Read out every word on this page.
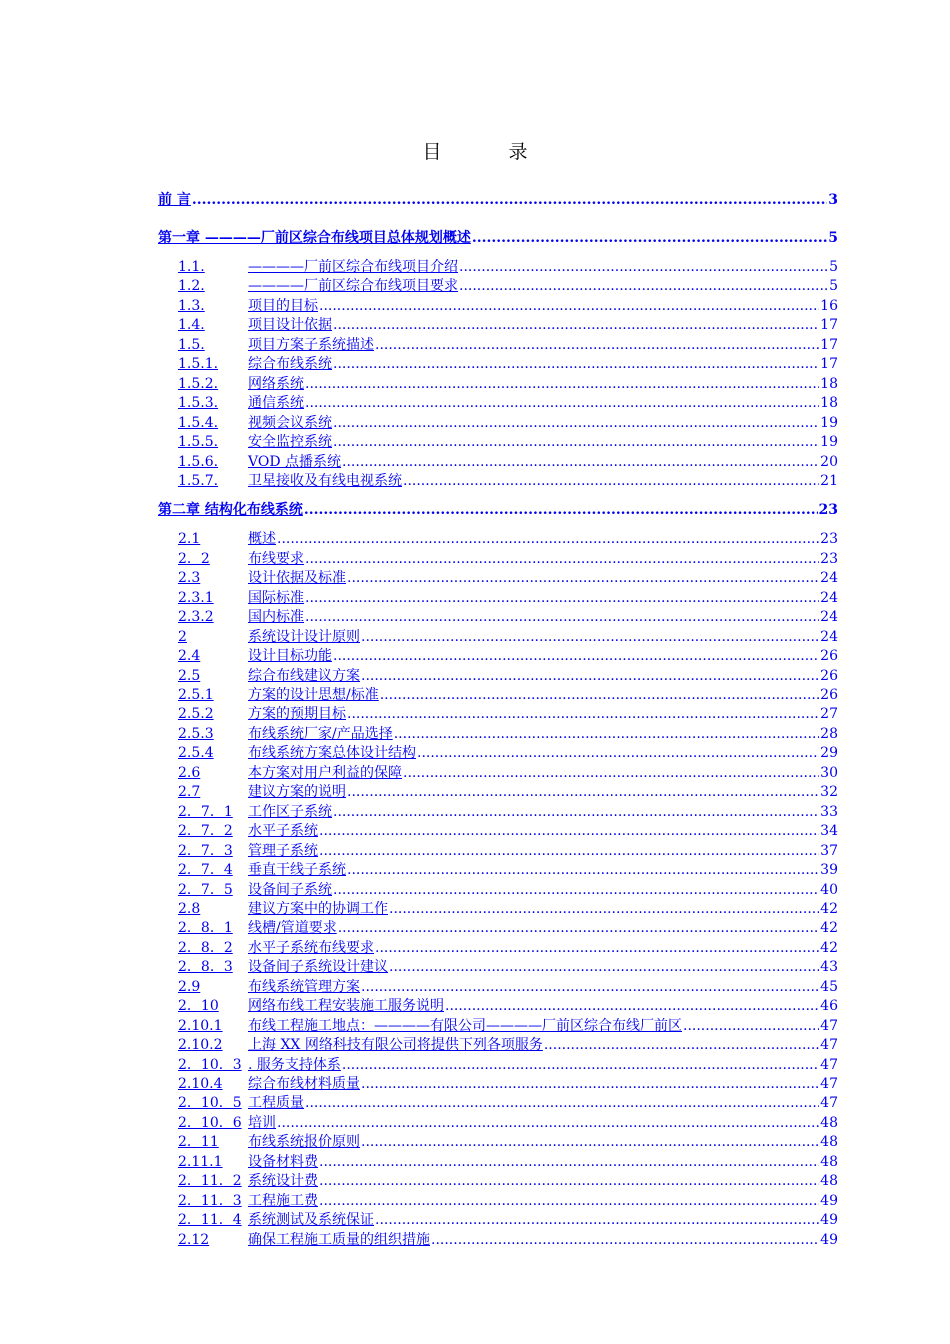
目　录
前 言 .....	3
第一章 ————厂前区综合布线项目总体规划概述 .....	5
1.1.	————厂前区综合布线项目介绍 .....	5
1.2.	————厂前区综合布线项目要求 .....	5
1.3.	项目的目标 .....	16
1.4.	项目设计依据 .....	17
1.5.	项目方案子系统描述 .....	17
1.5.1.	综合布线系统 .....	17
1.5.2.	网络系统 .....	18
1.5.3.	通信系统 .....	18
1.5.4.	视频会议系统 .....	19
1.5.5.	安全监控系统 .....	19
1.5.6.	VOD 点播系统 .....	20
1.5.7.	卫星接收及有线电视系统 .....	21
第二章 结构化布线系统 .....	23
2.1	概述 .....	23
2．2	布线要求 .....	23
2.3	设计依据及标准 .....	24
2.3.1	国际标准 .....	24
2.3.2	国内标准 .....	24
2	系统设计设计原则 .....	24
2.4	设计目标功能 .....	26
2.5	综合布线建议方案 .....	26
2.5.1	方案的设计思想/标准 .....	26
2.5.2	方案的预期目标 .....	27
2.5.3	布线系统厂家/产品选择 .....	28
2.5.4	布线系统方案总体设计结构 .....	29
2.6	本方案对用户利益的保障 .....	30
2.7	建议方案的说明 .....	32
2．7．1	工作区子系统 .....	33
2．7．2	水平子系统 .....	34
2．7．3	管理子系统 .....	37
2．7．4	垂直干线子系统 .....	39
2．7．5	设备间子系统 .....	40
2.8	建议方案中的协调工作 .....	42
2．8．1	线槽/管道要求 .....	42
2．8．2	水平子系统布线要求 .....	42
2．8．3	设备间子系统设计建议 .....	43
2.9	布线系统管理方案 .....	45
2．10	网络布线工程安装施工服务说明 .....	46
2.10.1	布线工程施工地点：————有限公司————厂前区综合布线厂前区 .....	47
2.10.2	上海 XX 网络科技有限公司将提供下列各项服务 .....	47
2．10．3 . 服务支持体系 .....	47
2.10.4	综合布线材料质量 .....	47
2．10．5 工程质量 .....	47
2．10．6 培训 .....	48
2．11	布线系统报价原则 .....	48
2.11.1	设备材料费 .....	48
2．11．2 系统设计费 .....	48
2．11．3 工程施工费 .....	49
2．11．4 系统测试及系统保证 .....	49
2.12	确保工程施工质量的组织措施 .....	49
